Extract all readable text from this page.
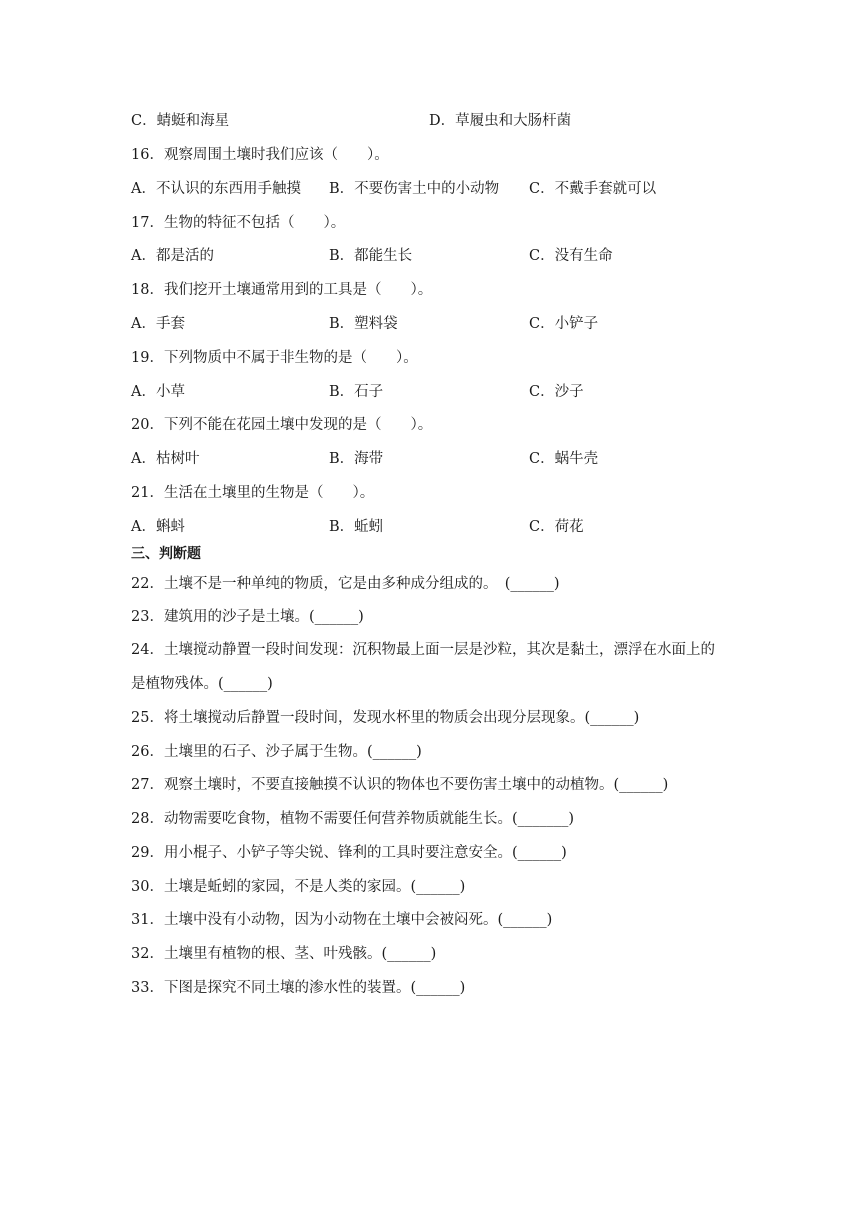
C．蜻蜓和海星	D．草履虫和大肠杆菌
16．观察周围土壤时我们应该（　　）。
A．不认识的东西用手触摸 B．不要伤害土中的小动物 C．不戴手套就可以
17．生物的特征不包括（　　）。
A．都是活的	B．都能生长	C．没有生命
18．我们挖开土壤通常用到的工具是（　　）。
A．手套	B．塑料袋	C．小铲子
19．下列物质中不属于非生物的是（　　）。
A．小草	B．石子	C．沙子
20．下列不能在花园土壤中发现的是（　　）。
A．枯树叶	B．海带	C．蜗牛壳
21．生活在土壤里的生物是（　　）。
A．蝌蚪	B．蚯蚓	C．荷花
三、判断题
22．土壤不是一种单纯的物质，它是由多种成分组成的。　(______)
23．建筑用的沙子是土壤。(______)
24．土壤搅动静置一段时间发现：沉积物最上面一层是沙粒，其次是黏土，漂浮在水面上的
是植物残体。(______)
25．将土壤搅动后静置一段时间，发现水杯里的物质会出现分层现象。(______)
26．土壤里的石子、沙子属于生物。(______)
27．观察土壤时，不要直接触摸不认识的物体也不要伤害土壤中的动植物。(______)
28．动物需要吃食物，植物不需要任何营养物质就能生长。(_______)
29．用小棍子、小铲子等尖锐、锋利的工具时要注意安全。(______)
30．土壤是蚯蚓的家园，不是人类的家园。(______)
31．土壤中没有小动物，因为小动物在土壤中会被闷死。(______)
32．土壤里有植物的根、茎、叶残骸。(______)
33．下图是探究不同土壤的渗水性的装置。(______)
